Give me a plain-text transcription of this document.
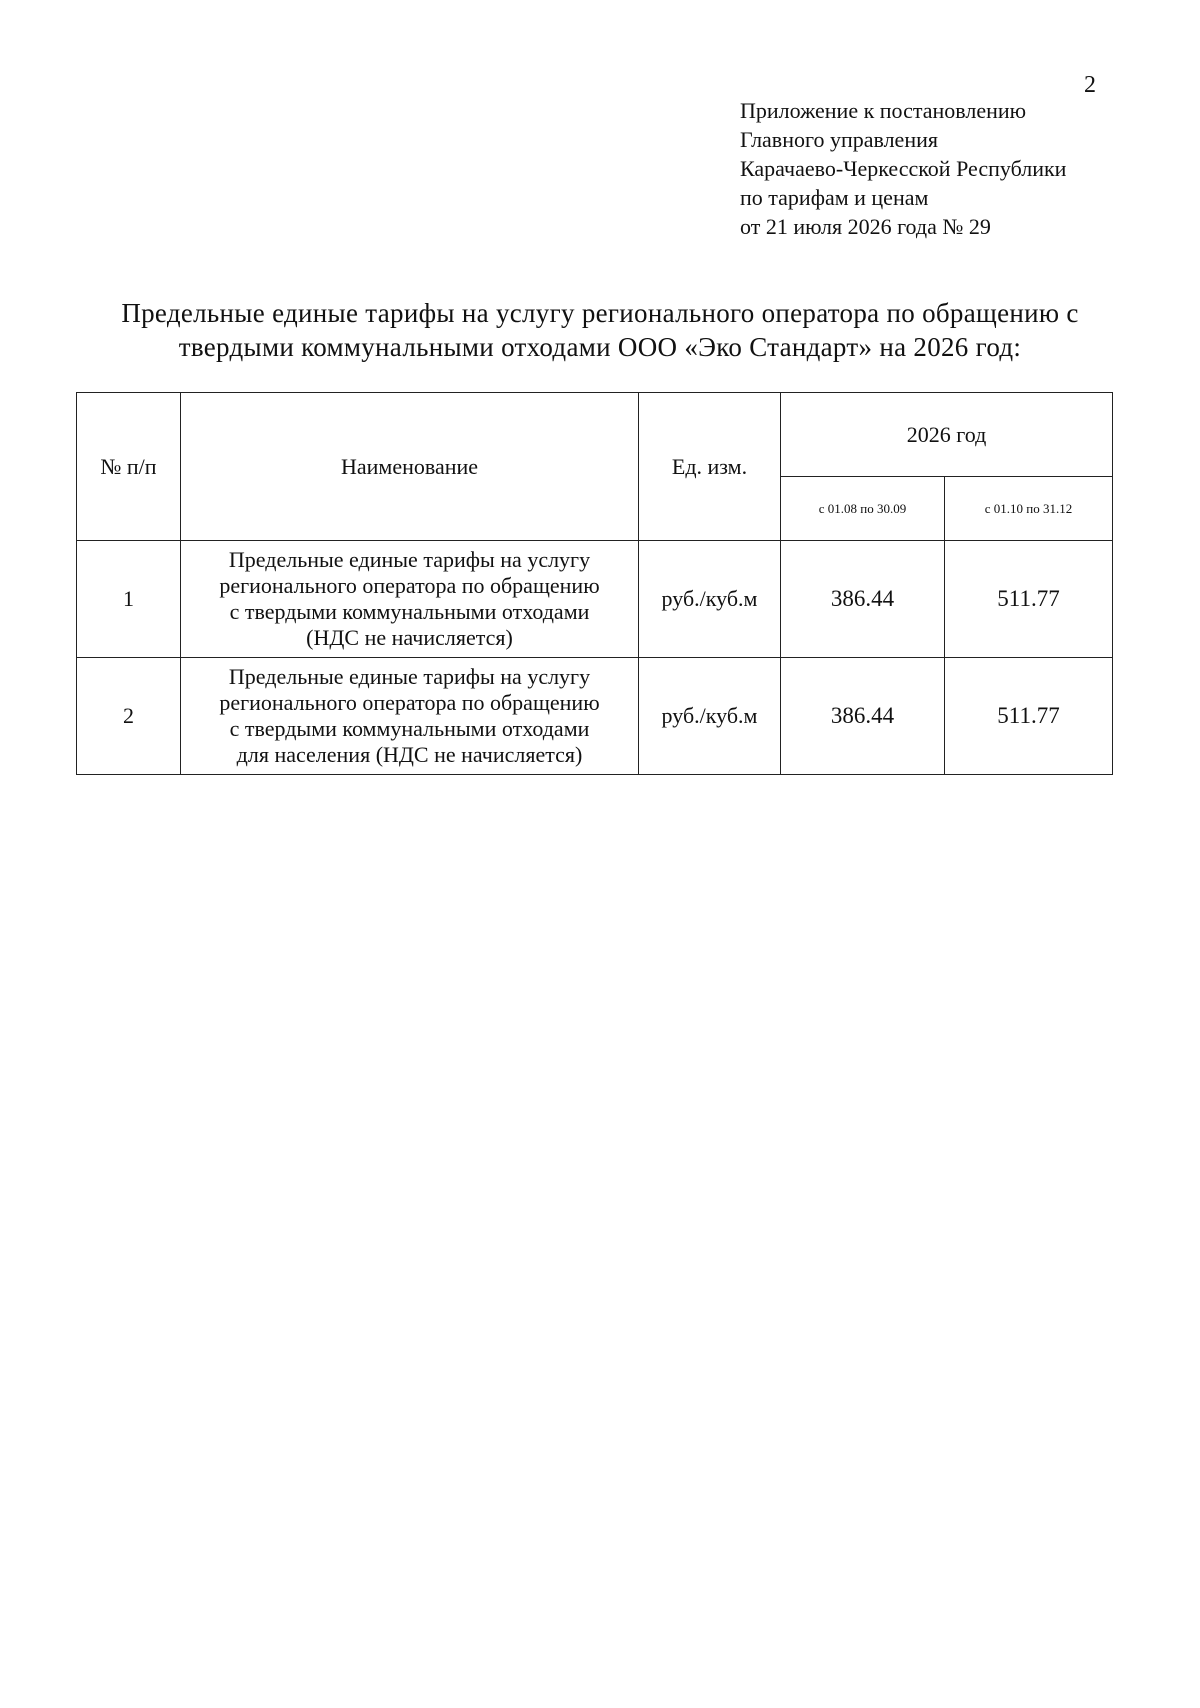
2
Приложение к постановлению
Главного управления
Карачаево-Черкесской Республики
по тарифам и ценам
от 21 июля 2026 года № 29
Предельные единые тарифы на услугу регионального оператора по обращению с
твердыми коммунальными отходами ООО «Эко Стандарт» на 2026 год:
№ п/п	Наименование	Ед. изм.	2026 год	
			с 01.08 по 30.09	с 01.10 по 31.12
1	Предельные единые тарифы на услугу
регионального оператора по обращению
с твердыми коммунальными отходами
(НДС не начисляется)	руб./куб.м	386.44	511.77
2	Предельные единые тарифы на услугу
регионального оператора по обращению
с твердыми коммунальными отходами
для населения (НДС не начисляется)	руб./куб.м	386.44	511.77
